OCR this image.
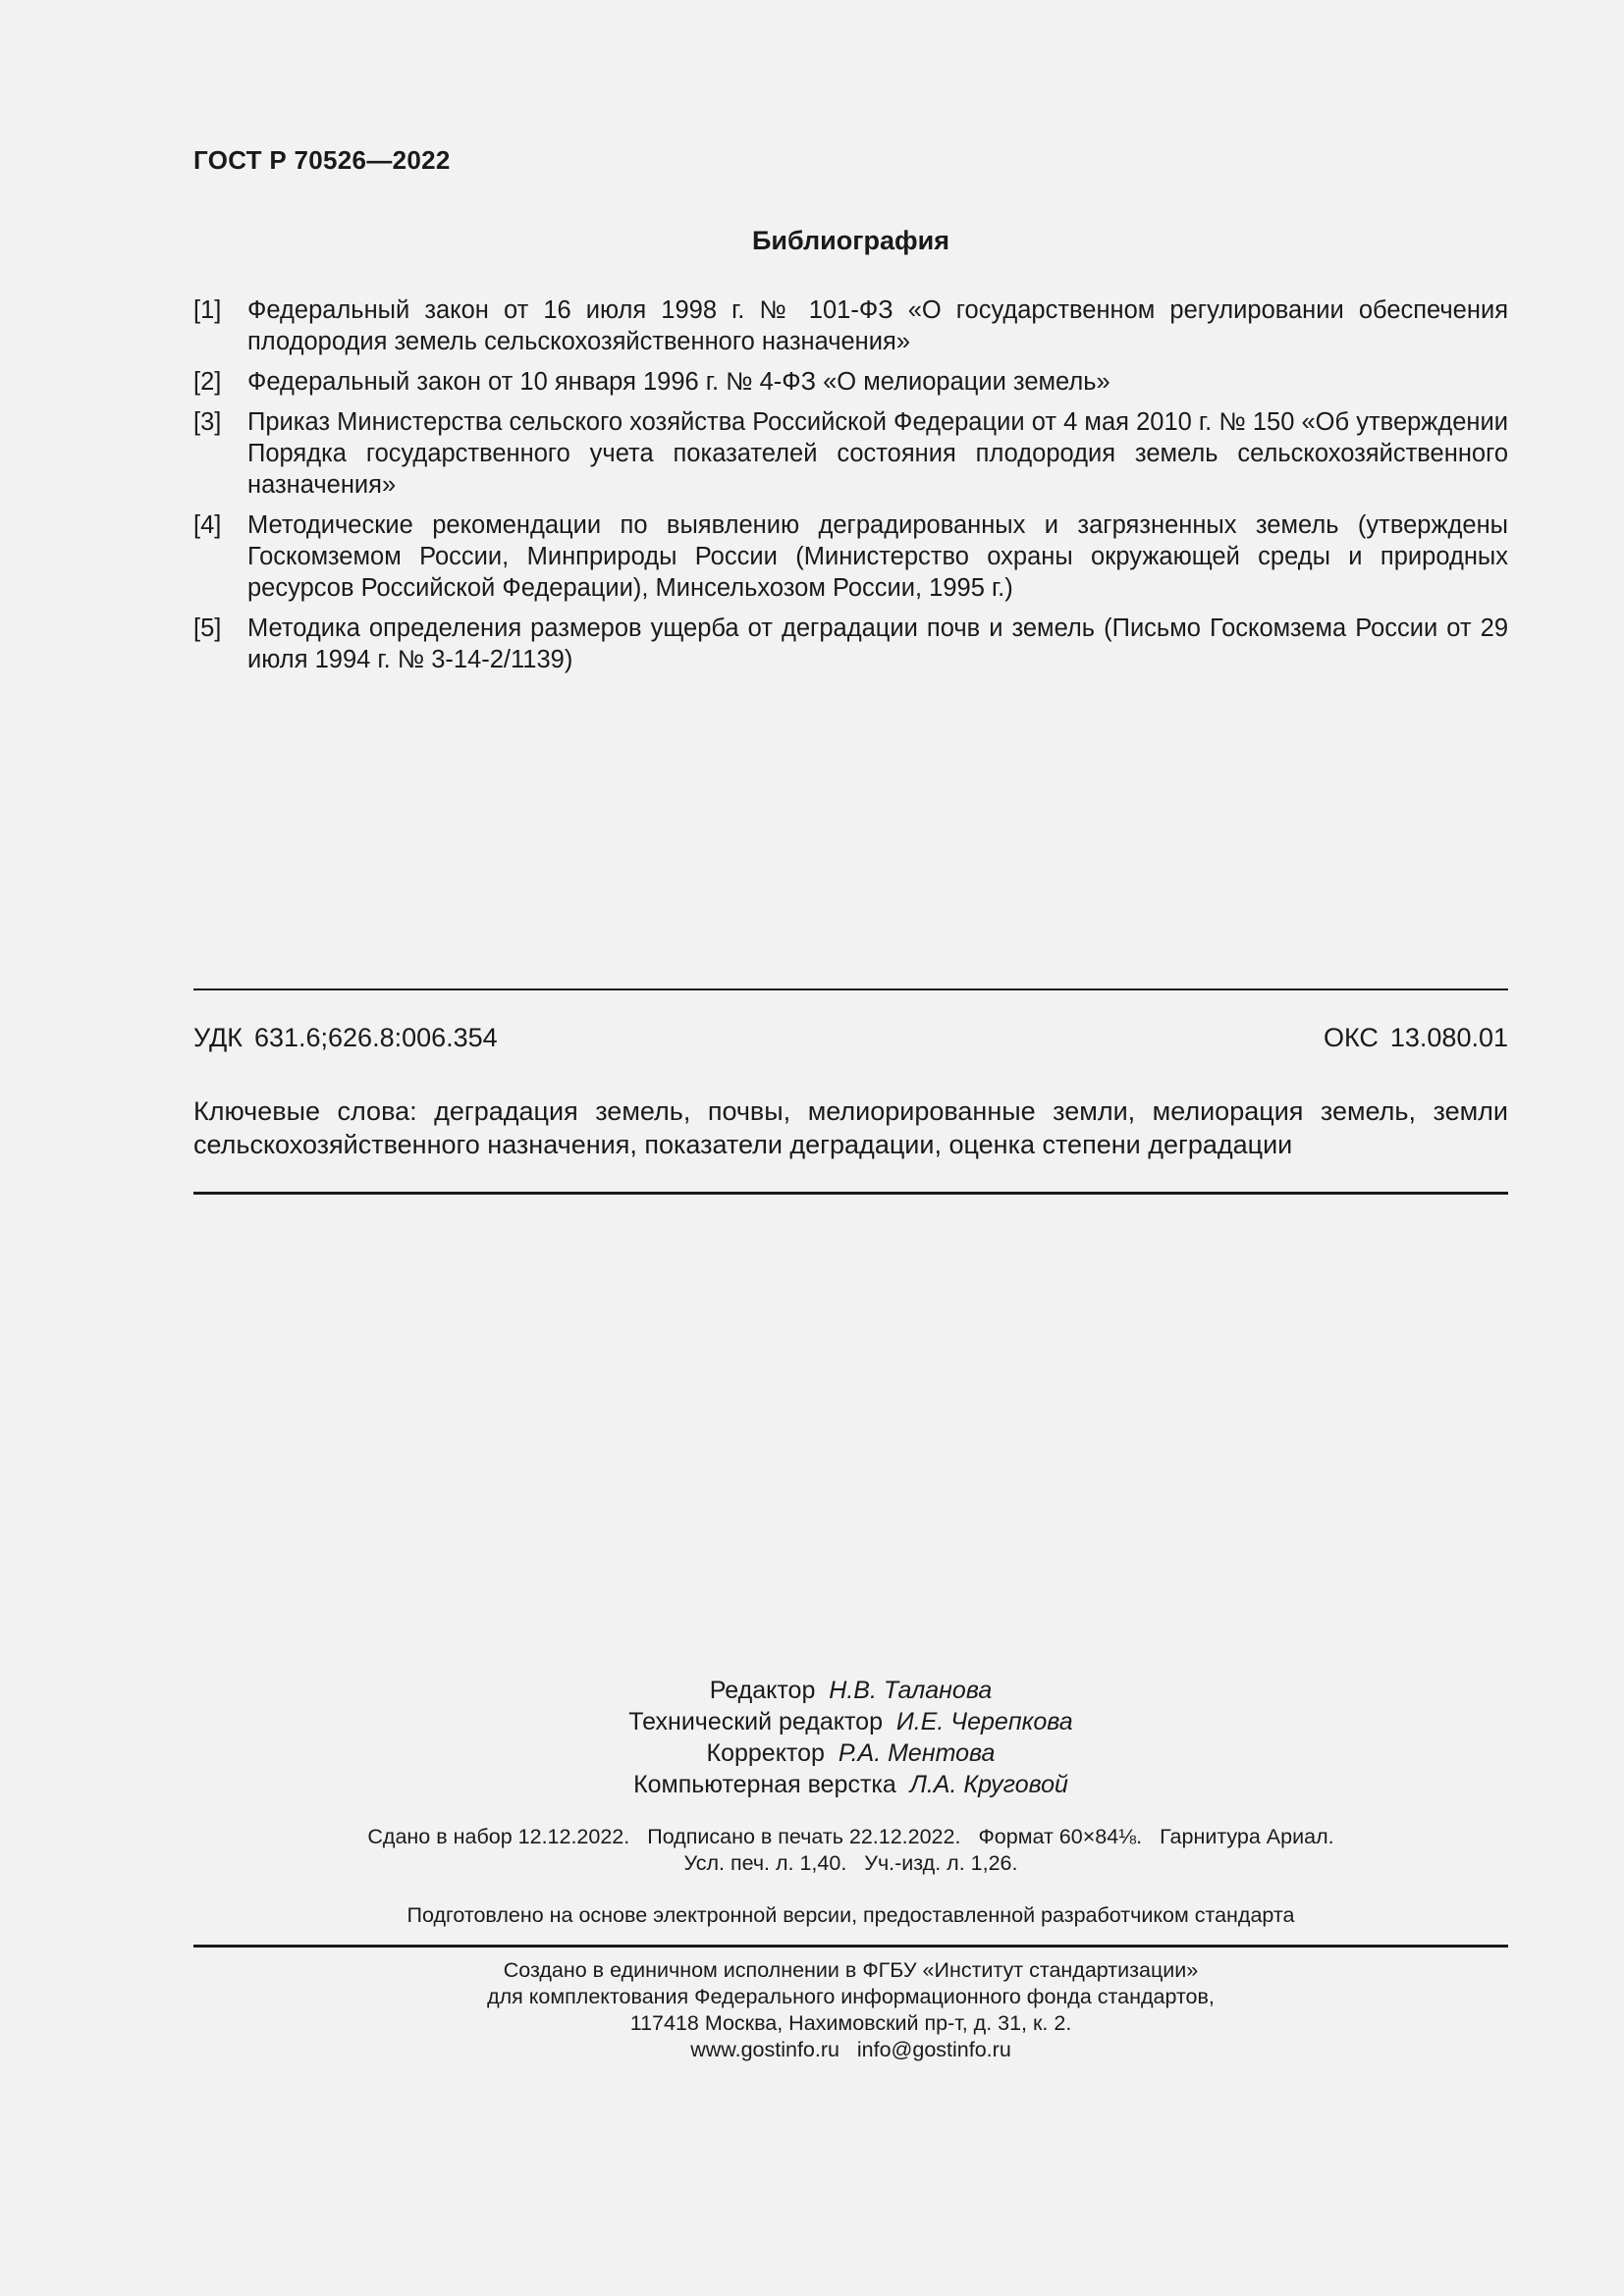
ГОСТ Р 70526—2022
Библиография
[1]	Федеральный закон от 16 июля 1998 г. № 101-ФЗ «О государственном регулировании обеспечения плодородия земель сельскохозяйственного назначения»
[2]	Федеральный закон от 10 января 1996 г. № 4-ФЗ «О мелиорации земель»
[3]	Приказ Министерства сельского хозяйства Российской Федерации от 4 мая 2010 г. № 150 «Об утверждении Порядка государственного учета показателей состояния плодородия земель сельскохозяйственного назначения»
[4]	Методические рекомендации по выявлению деградированных и загрязненных земель (утверждены Госкомземом России, Минприроды России (Министерство охраны окружающей среды и природных ресурсов Российской Федерации), Минсельхозом России, 1995 г.)
[5]	Методика определения размеров ущерба от деградации почв и земель (Письмо Госкомзема России от 29 июля 1994 г. № 3-14-2/1139)
УДК 631.6;626.8:006.354	ОКС 13.080.01
Ключевые слова: деградация земель, почвы, мелиорированные земли, мелиорация земель, земли сельскохозяйственного назначения, показатели деградации, оценка степени деградации
Редактор Н.В. Таланова
Технический редактор И.Е. Черепкова
Корректор Р.А. Ментова
Компьютерная верстка Л.А. Круговой
Сдано в набор 12.12.2022. Подписано в печать 22.12.2022. Формат 60×84⅛. Гарнитура Ариал.
Усл. печ. л. 1,40. Уч.-изд. л. 1,26.
Подготовлено на основе электронной версии, предоставленной разработчиком стандарта
Создано в единичном исполнении в ФГБУ «Институт стандартизации»
для комплектования Федерального информационного фонда стандартов,
117418 Москва, Нахимовский пр-т, д. 31, к. 2.
www.gostinfo.ru info@gostinfo.ru
